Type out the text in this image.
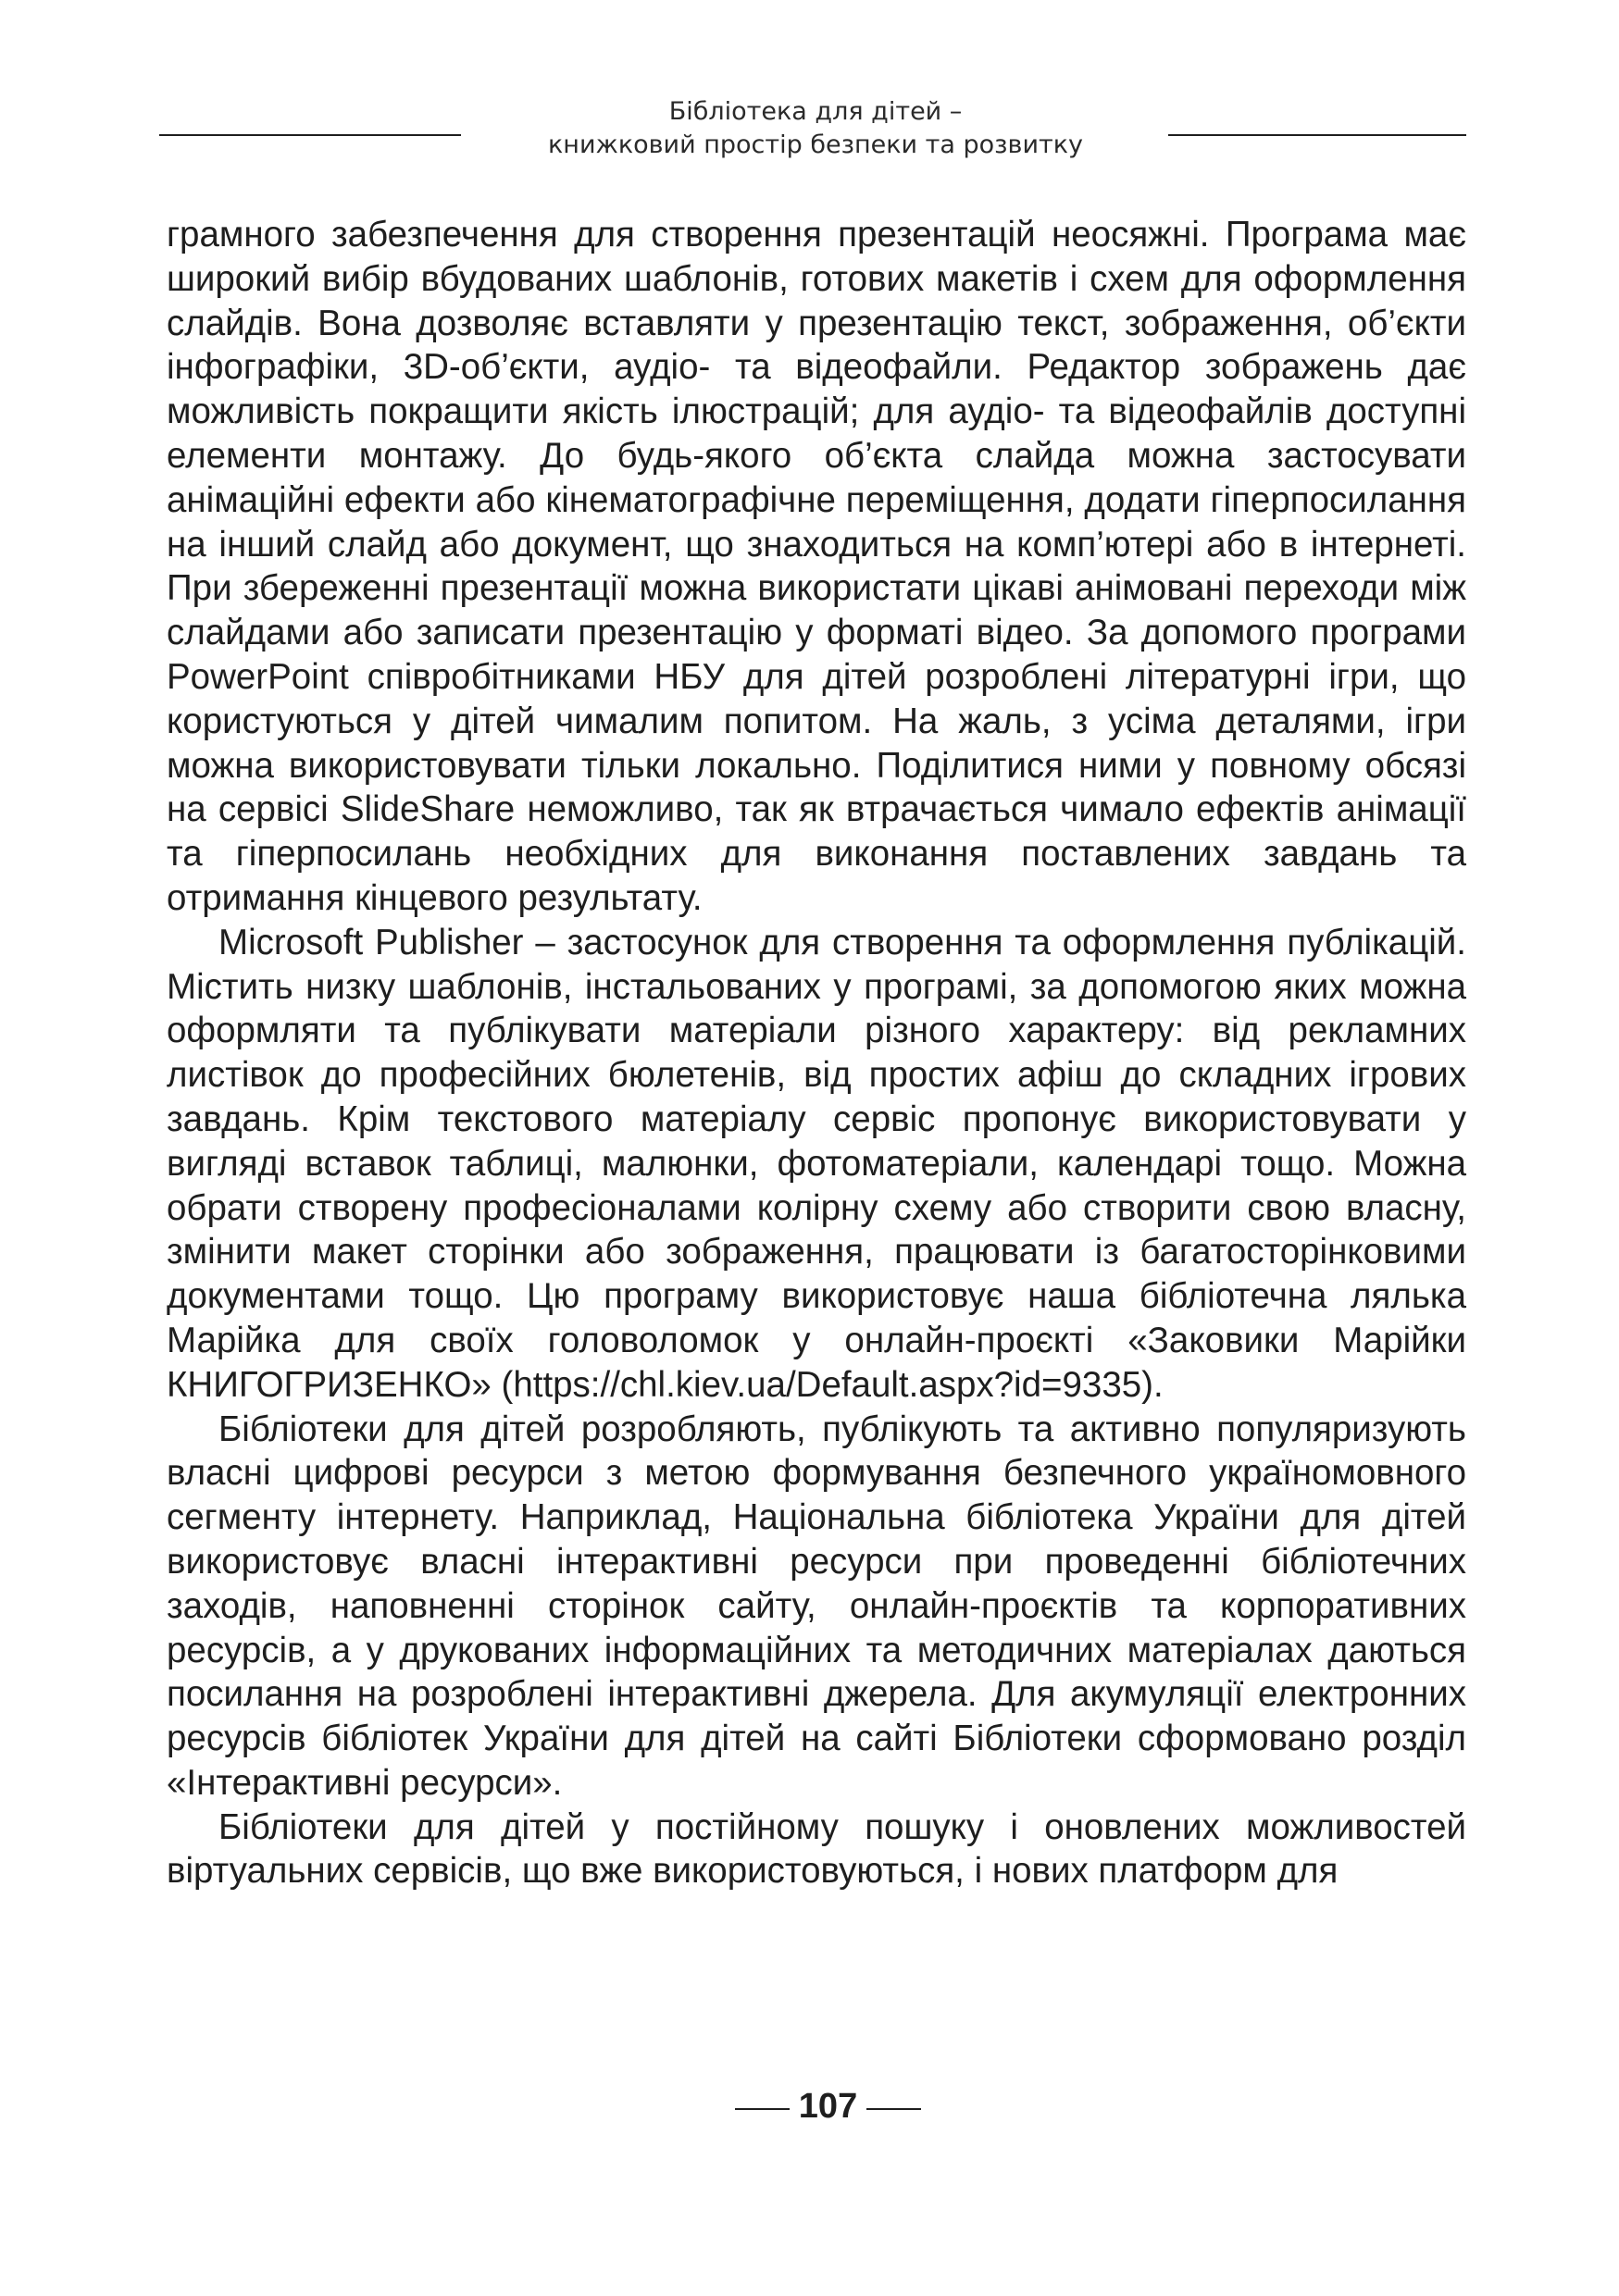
Бібліотека для дітей –
книжковий простір безпеки та розвитку

грамного забезпечення для створення презентацій неосяжні. Програма має широкий вибір вбудованих шаблонів, готових макетів і схем для оформлення слайдів. Вона дозволяє вставляти у презентацію текст, зображення, об’єкти інфографіки, 3D-об’єкти, аудіо- та відеофайли. Редактор зображень дає можливість покращити якість ілюстрацій; для аудіо- та відеофайлів доступні елементи монтажу. До будь-якого об’єкта слайда можна застосувати анімаційні ефекти або кінематографічне переміщення, додати гіперпосилання на інший слайд або документ, що знаходиться на комп’ютері або в інтернеті. При збереженні презентації можна використати цікаві анімовані переходи між слайдами або записати презентацію у форматі відео. За допомого програми PowerPoint співробітниками НБУ для дітей розроблені літературні ігри, що користуються у дітей чималим попитом. На жаль, з усіма деталями, ігри можна використовувати тільки локально. Поділитися ними у повному обсязі на сервісі SlideShare неможливо, так як втрачається чимало ефектів анімації та гіперпосилань необхідних для виконання поставлених завдань та отримання кінцевого результату.

Microsoft Publisher – застосунок для створення та оформлення публікацій. Містить низку шаблонів, інстальованих у програмі, за допомогою яких можна оформляти та публікувати матеріали різного характеру: від рекламних листівок до професійних бюлетенів, від простих афіш до складних ігрових завдань. Крім текстового матеріалу сервіс пропонує використовувати у вигляді вставок таблиці, малюнки, фотоматеріали, календарі тощо. Можна обрати створену професіоналами колірну схему або створити свою власну, змінити макет сторінки або зображення, працювати із багатосторінковими документами тощо. Цю програму використовує наша бібліотечна лялька Марійка для своїх головоломок у онлайн-проєкті «Заковики Марійки КНИГОГРИЗЕНКО» (https://chl.kiev.ua/Default.aspx?id=9335).

Бібліотеки для дітей розробляють, публікують та активно популяризують власні цифрові ресурси з метою формування безпечного україномовного сегменту інтернету. Наприклад, Національна бібліотека України для дітей використовує власні інтерактивні ресурси при проведенні бібліотечних заходів, наповненні сторінок сайту, онлайн-проєктів та корпоративних ресурсів, а у друкованих інформаційних та методичних матеріалах даються посилання на розроблені інтерактивні джерела. Для акумуляції електронних ресурсів бібліотек України для дітей на сайті Бібліотеки сформовано розділ «Інтерактивні ресурси».

Бібліотеки для дітей у постійному пошуку і оновлених можливостей віртуальних сервісів, що вже використовуються, і нових платформ для

107
